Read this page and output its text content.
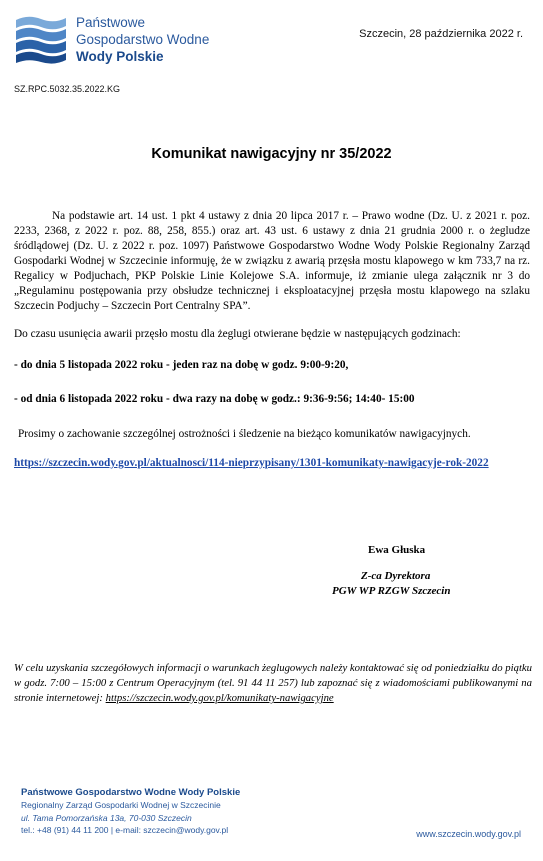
Państwowe
Gospodarstwo Wodne
Wody Polskie
Szczecin, 28 października 2022 r.
SZ.RPC.5032.35.2022.KG
Komunikat nawigacyjny nr 35/2022

Na podstawie art. 14 ust. 1 pkt 4 ustawy z dnia 20 lipca 2017 r. – Prawo wodne (Dz. U. z 2021 r. poz. 2233, 2368, z 2022 r. poz. 88, 258, 855.) oraz art. 43 ust. 6 ustawy z dnia 21 grudnia 2000 r. o żegludze śródlądowej (Dz. U. z 2022 r. poz. 1097) Państwowe Gospodarstwo Wodne Wody Polskie Regionalny Zarząd Gospodarki Wodnej w Szczecinie informuję, że w związku z awarią przęsła mostu klapowego w km 733,7 na rz. Regalicy w Podjuchach, PKP Polskie Linie Kolejowe S.A. informuje, iż zmianie ulega załącznik nr 3 do „Regulaminu postępowania przy obsłudze technicznej i eksploatacyjnej przęsła mostu klapowego na szlaku Szczecin Podjuchy – Szczecin Port Centralny SPA”.

Do czasu usunięcia awarii przęsło mostu dla żeglugi otwierane będzie w następujących godzinach:

- do dnia 5 listopada 2022 roku - jeden raz na dobę w godz. 9:00-9:20,
- od dnia 6 listopada 2022 roku - dwa razy na dobę w godz.: 9:36-9:56; 14:40- 15:00
Prosimy o zachowanie szczególnej ostrożności i śledzenie na bieżąco komunikatów nawigacyjnych.
https://szczecin.wody.gov.pl/aktualnosci/114-nieprzypisany/1301-komunikaty-nawigacyje-rok-2022
Ewa Głuska
Z-ca Dyrektora
PGW WP RZGW Szczecin
W celu uzyskania szczegółowych informacji o warunkach żeglugowych należy kontaktować się od poniedziałku do piątku w godz. 7:00 – 15:00 z Centrum Operacyjnym (tel. 91 44 11 257) lub zapoznać się z wiadomościami publikowanymi na stronie internetowej: https://szczecin.wody.gov.pl/komunikaty-nawigacyjne
Państwowe Gospodarstwo Wodne Wody Polskie
Regionalny Zarząd Gospodarki Wodnej w Szczecinie
ul. Tama Pomorzańska 13a, 70-030 Szczecin
tel.: +48 (91) 44 11 200 | e-mail: szczecin@wody.gov.pl	www.szczecin.wody.gov.pl
